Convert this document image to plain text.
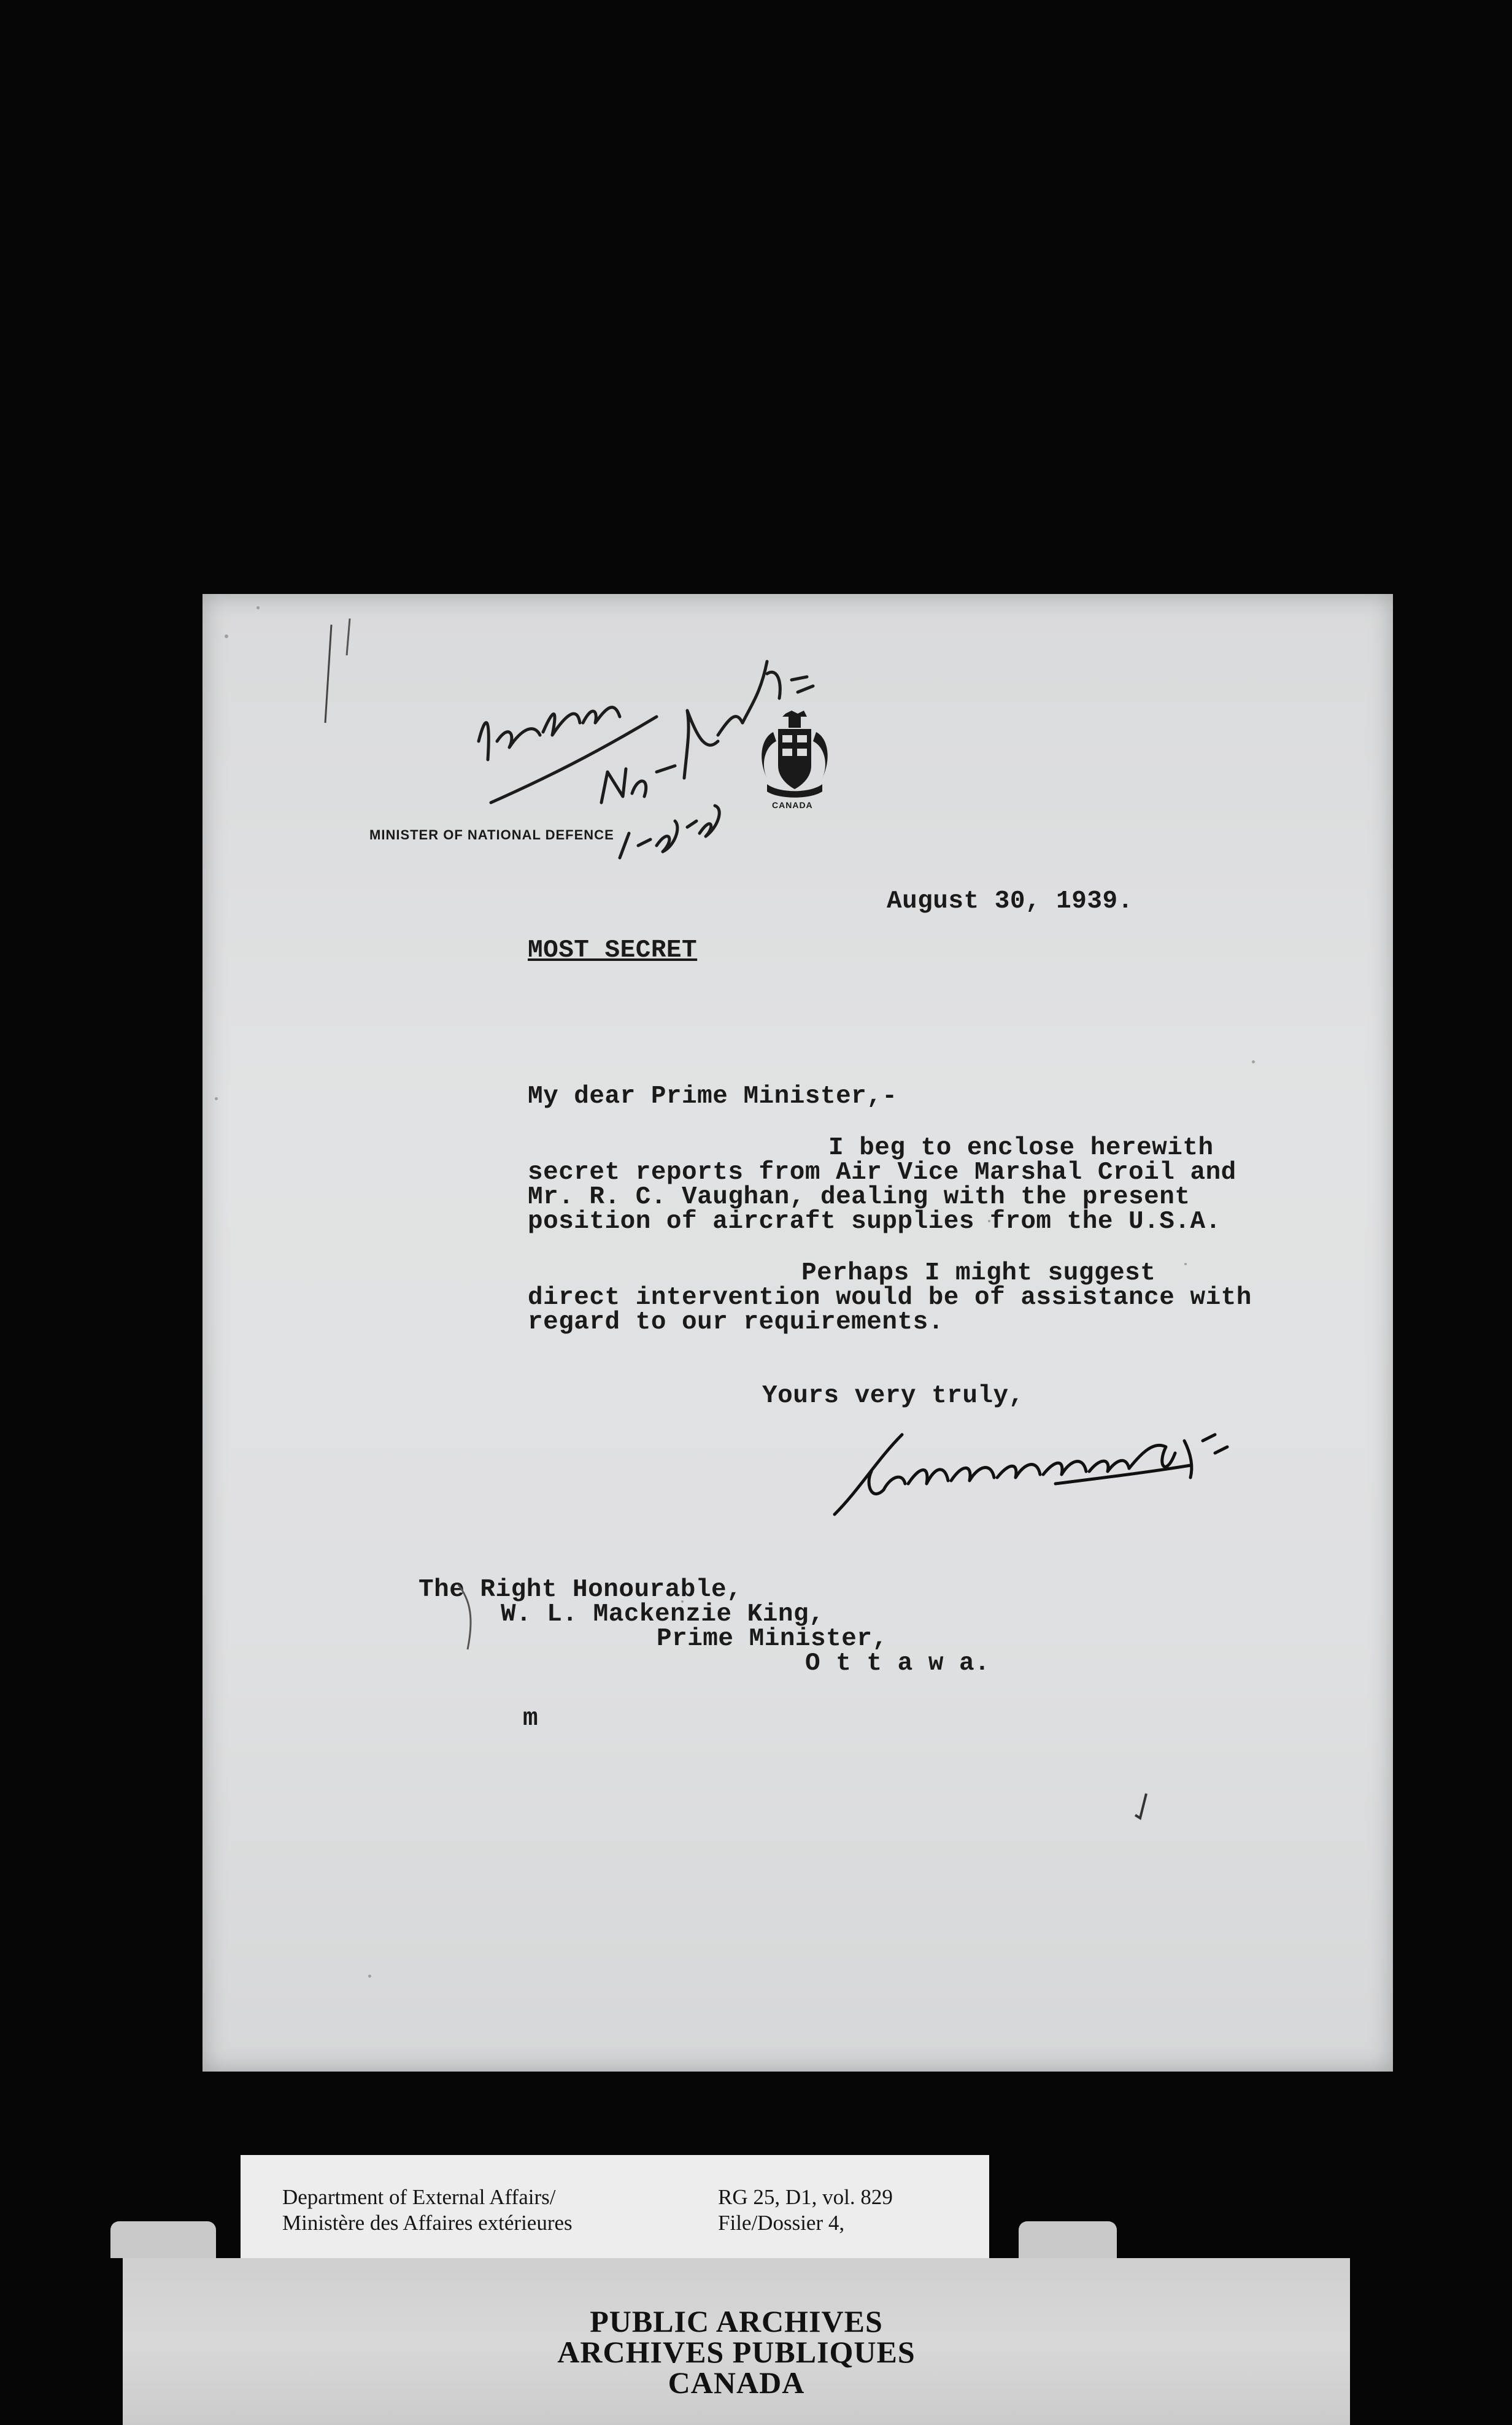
CANADA
MINISTER OF NATIONAL DEFENCE
August 30, 1939.
MOST SECRET
My dear Prime Minister,-
I beg to enclose herewith
secret reports from Air Vice Marshal Croil and
Mr. R. C. Vaughan, dealing with the present
position of aircraft supplies from the U.S.A.
Perhaps I might suggest
direct intervention would be of assistance with
regard to our requirements.
Yours very truly,
The Right Honourable,
W. L. Mackenzie King,
Prime Minister,
O t t a w a.
m
Department of External Affairs/
Ministère des Affaires extérieures
RG 25, D1, vol. 829
File/Dossier 4,
PUBLIC ARCHIVES
ARCHIVES PUBLIQUES
CANADA
